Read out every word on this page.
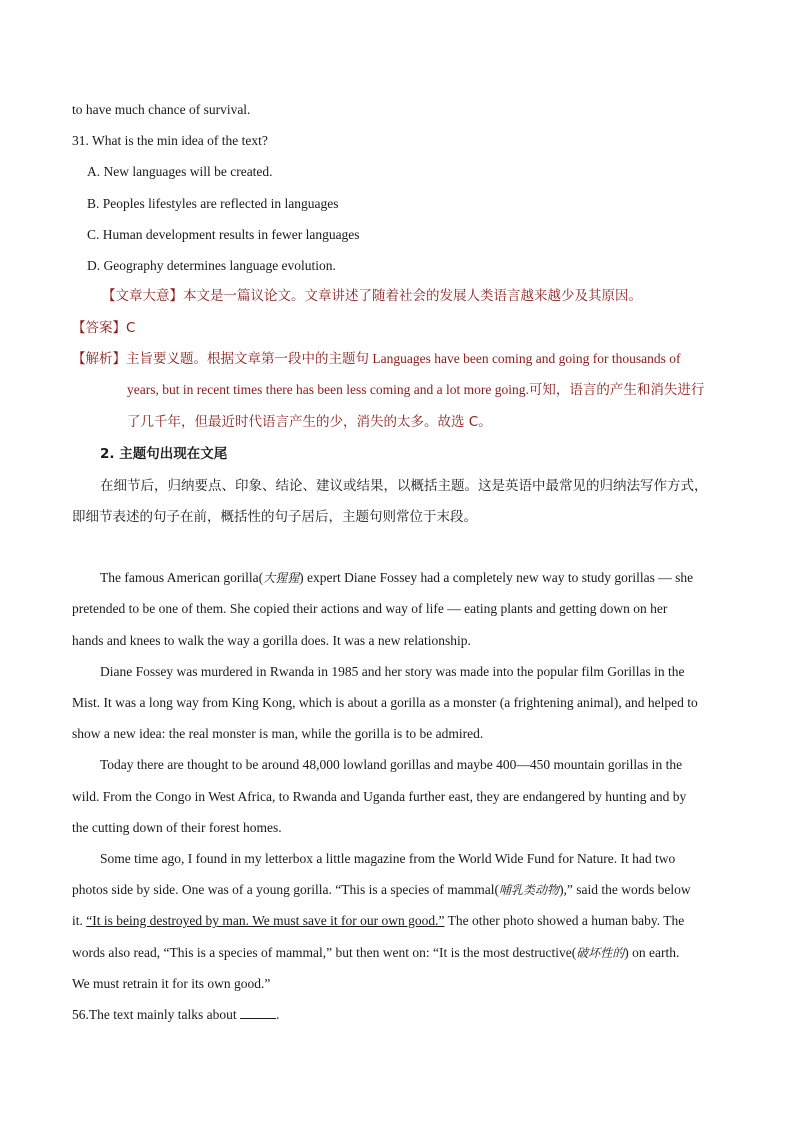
to have much chance of survival.
31. What is the min idea of the text?
A. New languages will be created.
B. Peoples lifestyles are reflected in languages
C. Human development results in fewer languages
D. Geography determines language evolution.
【文章大意】本文是一篇议论文。文章讲述了随着社会的发展人类语言越来越少及其原因。
【答案】C
【解析】主旨要义题。根据文章第一段中的主题句 Languages have been coming and going for thousands of
years, but in recent times there has been less coming and a lot more going.可知，语言的产生和消失进行
了几千年，但最近时代语言产生的少，消失的太多。故选 C。
2. 主题句出现在文尾
在细节后，归纳要点、印象、结论、建议或结果，以概括主题。这是英语中最常见的归纳法写作方式，
即细节表述的句子在前，概括性的句子居后，主题句则常位于末段。
The famous American gorilla(大猩猩) expert Diane Fossey had a completely new way to study gorillas — she
pretended to be one of them. She copied their actions and way of life — eating plants and getting down on her
hands and knees to walk the way a gorilla does. It was a new relationship.
Diane Fossey was murdered in Rwanda in 1985 and her story was made into the popular film Gorillas in the
Mist. It was a long way from King Kong, which is about a gorilla as a monster (a frightening animal), and helped to
show a new idea: the real monster is man, while the gorilla is to be admired.
Today there are thought to be around 48,000 lowland gorillas and maybe 400—450 mountain gorillas in the
wild. From the Congo in West Africa, to Rwanda and Uganda further east, they are endangered by hunting and by
the cutting down of their forest homes.
Some time ago, I found in my letterbox a little magazine from the World Wide Fund for Nature. It had two
photos side by side. One was of a young gorilla. “This is a species of mammal(哺乳类动物),” said the words below
it. “It is being destroyed by man. We must save it for our own good.” The other photo showed a human baby. The
words also read, “This is a species of mammal,” but then went on: “It is the most destructive(破坏性的) on earth.
We must retrain it for its own good.”
56.The text mainly talks about	.
